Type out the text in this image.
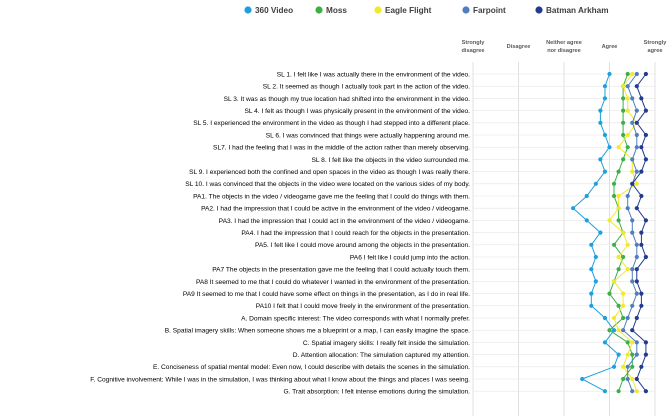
360 Video	Moss	Eagle Flight	Farpoint	Batman Arkham
Strongly
disagree
Disagree
Neither agree
nor disagree
Agree
Strongly
agree
SL 1. I felt like I was actually there in the environment of the video.
SL 2. It seemed as though I actually took part in the action of the video.
SL 3. It was as though my true location had shifted into the environment in the video.
SL 4. I felt as though I was physically present in the environment of the video.
SL 5. I experienced the environment in the video as though I had stepped into a different place.
SL 6. I was convinced that things were actually happening around me.
SL7. I had the feeling that I was in the middle of the action rather than merely observing.
SL 8. I felt like the objects in the video surrounded me.
SL 9. I experienced both the confined and open spaces in the video as though I was really there.
SL 10. I was convinced that the objects in the video were located on the various sides of my body.
PA1. The objects in the video / videogame gave me the feeling that I could do things with them.
PA2. I had the impression that I could be active in the environment of the video / videogame.
PA3. I had the impression that I could act in the environment of the video / videogame.
PA4. I had the impression that I could reach for the objects in the presentation.
PA5. I felt like I could move around among the objects in the presentation.
PA6 I felt like I could jump into the action.
PA7 The objects in the presentation gave me the feeling that I could actually touch them.
PA8 It seemed to me that I could do whatever I wanted in the environment of the presentation.
PA9 It seemed to me that I could have some effect on things in the presentation, as I do in real life.
PA10 I felt that I could move freely in the environment of the presentation.
A. Domain specific interest: The video corresponds with what I normally prefer.
B. Spatial imagery skills: When someone shows me a blueprint or a map, I can easily imagine the space.
C. Spatial imagery skills: I really felt inside the simulation.
D. Attention allocation: The simulation captured my attention.
E. Conciseness of spatial mental model: Even now, I could describe with details the scenes in the simulation.
F. Cognitive involvement: While I was in the simulation, I was thinking about what I know about the things and places I was seeing.
G. Trait absorption: I felt intense emotions during the simulation.
